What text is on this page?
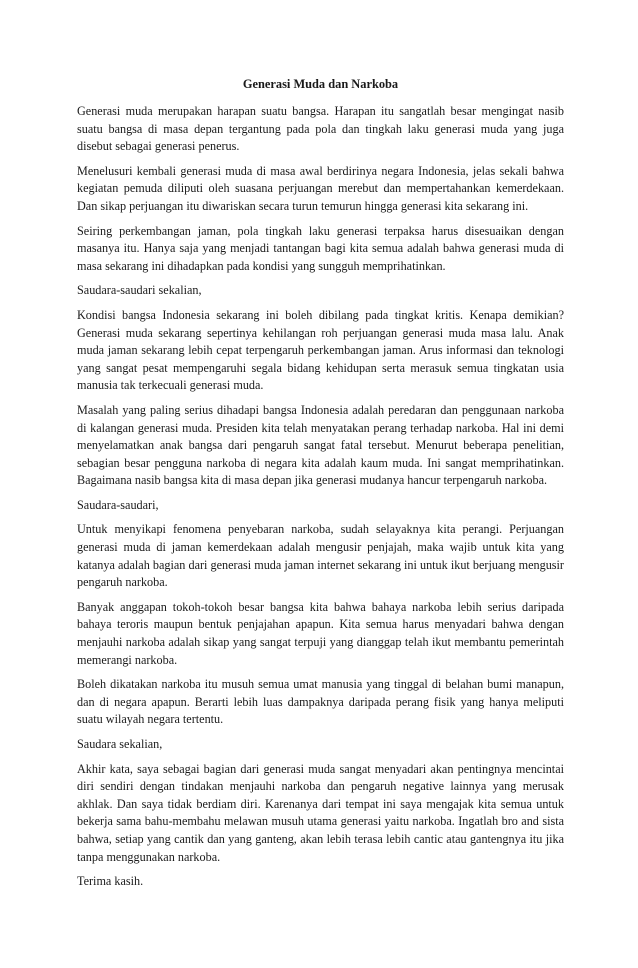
Generasi Muda dan Narkoba

Generasi muda merupakan harapan suatu bangsa. Harapan itu sangatlah besar mengingat nasib suatu bangsa di masa depan tergantung pada pola dan tingkah laku generasi muda yang juga disebut sebagai generasi penerus.

Menelusuri kembali generasi muda di masa awal berdirinya negara Indonesia, jelas sekali bahwa kegiatan pemuda diliputi oleh suasana perjuangan merebut dan mempertahankan kemerdekaan. Dan sikap perjuangan itu diwariskan secara turun temurun hingga generasi kita sekarang ini.

Seiring perkembangan jaman, pola tingkah laku generasi terpaksa harus disesuaikan dengan masanya itu. Hanya saja yang menjadi tantangan bagi kita semua adalah bahwa generasi muda di masa sekarang ini dihadapkan pada kondisi yang sungguh memprihatinkan.

Saudara-saudari sekalian,

Kondisi bangsa Indonesia sekarang ini boleh dibilang pada tingkat kritis. Kenapa demikian? Generasi muda sekarang sepertinya kehilangan roh perjuangan generasi muda masa lalu. Anak muda jaman sekarang lebih cepat terpengaruh perkembangan jaman. Arus informasi dan teknologi yang sangat pesat mempengaruhi segala bidang kehidupan serta merasuk semua tingkatan usia manusia tak terkecuali generasi muda.

Masalah yang paling serius dihadapi bangsa Indonesia adalah peredaran dan penggunaan narkoba di kalangan generasi muda. Presiden kita telah menyatakan perang terhadap narkoba. Hal ini demi menyelamatkan anak bangsa dari pengaruh sangat fatal tersebut. Menurut beberapa penelitian, sebagian besar pengguna narkoba di negara kita adalah kaum muda. Ini sangat memprihatinkan. Bagaimana nasib bangsa kita di masa depan jika generasi mudanya hancur terpengaruh narkoba.

Saudara-saudari,

Untuk menyikapi fenomena penyebaran narkoba, sudah selayaknya kita perangi. Perjuangan generasi muda di jaman kemerdekaan adalah mengusir penjajah, maka wajib untuk kita yang katanya adalah bagian dari generasi muda jaman internet sekarang ini untuk ikut berjuang mengusir pengaruh narkoba.

Banyak anggapan tokoh-tokoh besar bangsa kita bahwa bahaya narkoba lebih serius daripada bahaya teroris maupun bentuk penjajahan apapun. Kita semua harus menyadari bahwa dengan menjauhi narkoba adalah sikap yang sangat terpuji yang dianggap telah ikut membantu pemerintah memerangi narkoba.

Boleh dikatakan narkoba itu musuh semua umat manusia yang tinggal di belahan bumi manapun, dan di negara apapun. Berarti lebih luas dampaknya daripada perang fisik yang hanya meliputi suatu wilayah negara tertentu.

Saudara sekalian,

Akhir kata, saya sebagai bagian dari generasi muda sangat menyadari akan pentingnya mencintai diri sendiri dengan tindakan menjauhi narkoba dan pengaruh negative lainnya yang merusak akhlak. Dan saya tidak berdiam diri. Karenanya dari tempat ini saya mengajak kita semua untuk bekerja sama bahu-membahu melawan musuh utama generasi yaitu narkoba. Ingatlah bro and sista bahwa, setiap yang cantik dan yang ganteng, akan lebih terasa lebih cantic atau gantengnya itu jika tanpa menggunakan narkoba.

Terima kasih.
